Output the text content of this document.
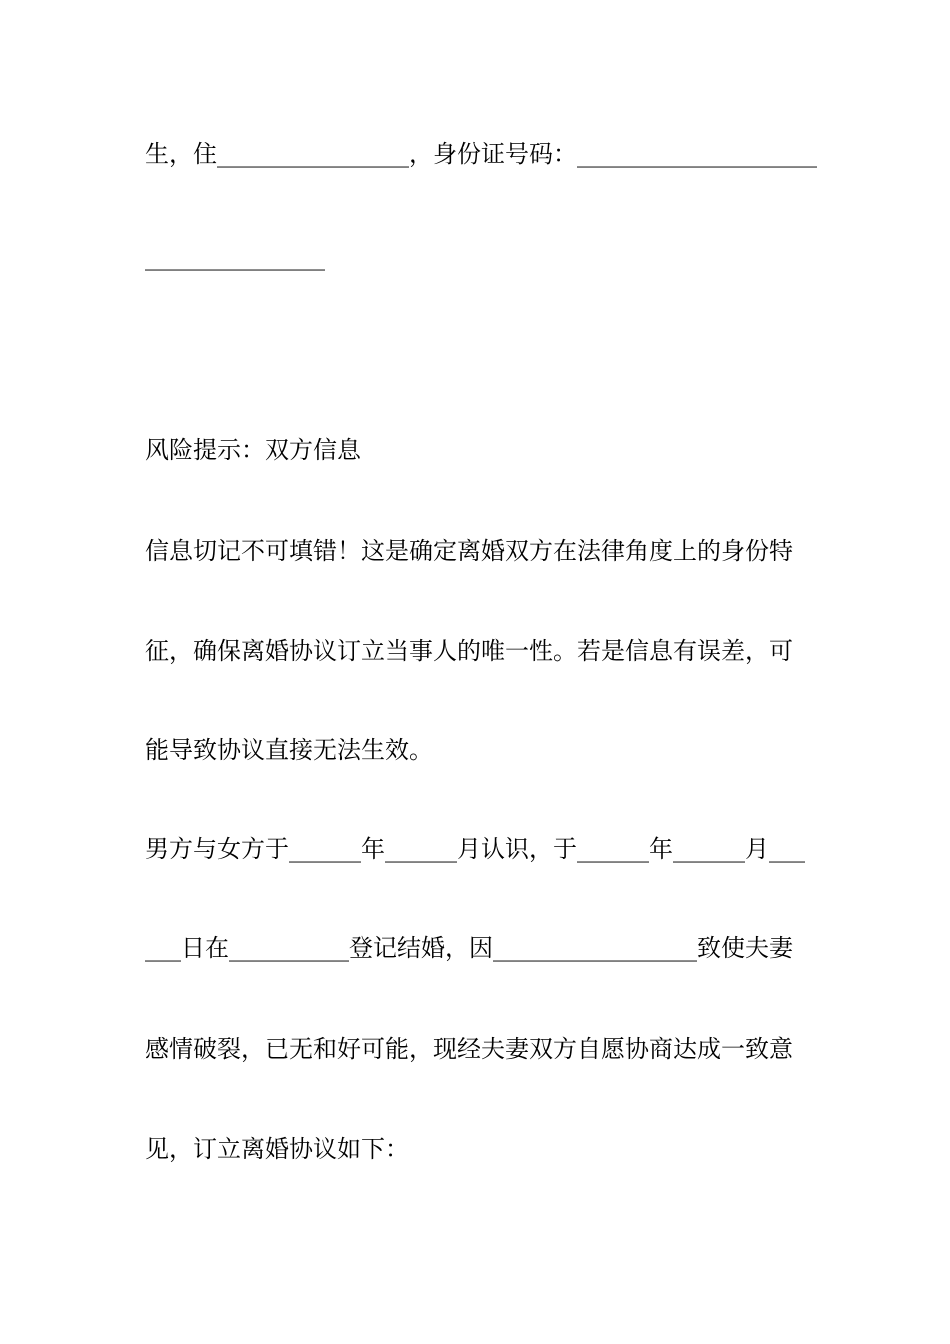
生，住________________，身份证号码：____________________
_______________
风险提示：双方信息
信息切记不可填错！这是确定离婚双方在法律角度上的身份特
征，确保离婚协议订立当事人的唯一性。若是信息有误差，可
能导致协议直接无法生效。
男方与女方于______年______月认识，于______年______月___
___日在__________登记结婚，因_________________致使夫妻
感情破裂，已无和好可能，现经夫妻双方自愿协商达成一致意
见，订立离婚协议如下：
